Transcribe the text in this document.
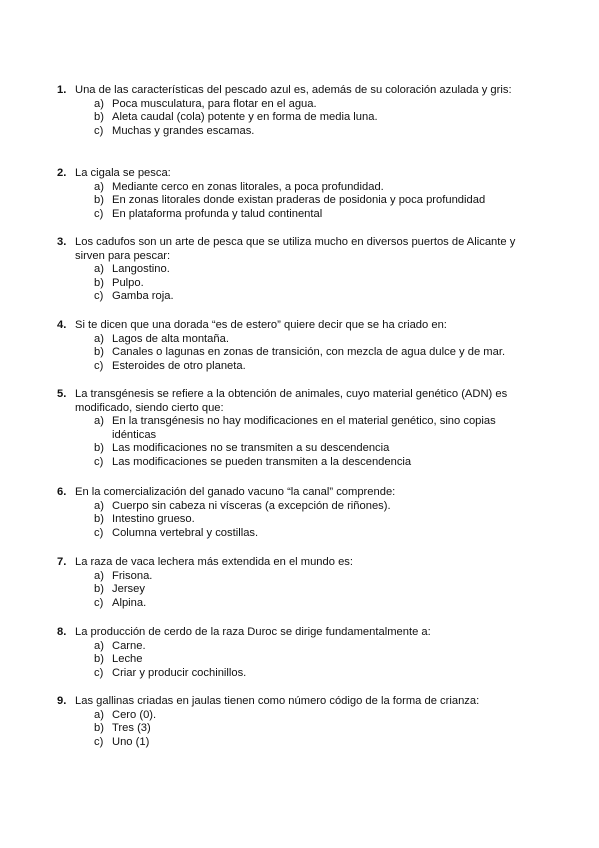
1. Una de las características del pescado azul es, además de su coloración azulada y gris:
a) Poca musculatura, para flotar en el agua.
b) Aleta caudal (cola) potente y en forma de media luna.
c) Muchas y grandes escamas.
2. La cigala se pesca:
a) Mediante cerco en zonas litorales, a poca profundidad.
b) En zonas litorales donde existan praderas de posidonia y poca profundidad
c) En plataforma profunda y talud continental
3. Los cadufos son un arte de pesca que se utiliza mucho en diversos puertos de Alicante y sirven para pescar:
a) Langostino.
b) Pulpo.
c) Gamba roja.
4. Si te dicen que una dorada “es de estero” quiere decir que se ha criado en:
a) Lagos de alta montaña.
b) Canales o lagunas en zonas de transición, con mezcla de agua dulce y de mar.
c) Esteroides de otro planeta.
5. La transgénesis se refiere a la obtención de animales, cuyo material genético (ADN) es modificado, siendo cierto que:
a) En la transgénesis no hay modificaciones en el material genético, sino copias idénticas
b) Las modificaciones no se transmiten a su descendencia
c) Las modificaciones se pueden transmiten a la descendencia
6. En la comercialización del ganado vacuno “la canal” comprende:
a) Cuerpo sin cabeza ni vísceras (a excepción de riñones).
b) Intestino grueso.
c) Columna vertebral y costillas.
7. La raza de vaca lechera más extendida en el mundo es:
a) Frisona.
b) Jersey
c) Alpina.
8. La producción de cerdo de la raza Duroc se dirige fundamentalmente a:
a) Carne.
b) Leche
c) Criar y producir cochinillos.
9. Las gallinas criadas en jaulas tienen como número código de la forma de crianza:
a) Cero (0).
b) Tres (3)
c) Uno (1)
